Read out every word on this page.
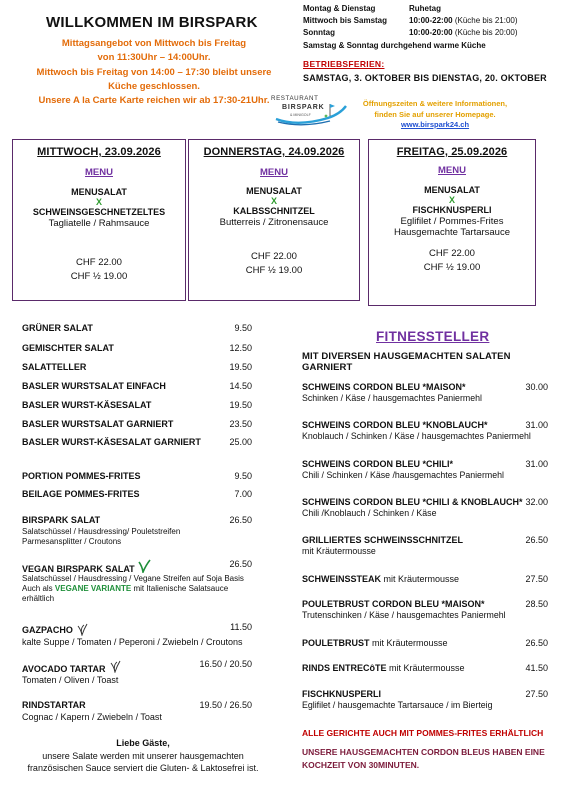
WILLKOMMEN IM BIRSPARK
Mittagsangebot von Mittwoch bis Freitag
von 11:30Uhr – 14:00Uhr.
Mittwoch bis Freitag von 14:00 – 17:30 bleibt unsere
Küche geschlossen.
Unsere A la Carte Karte reichen wir ab 17:30-21Uhr.
Montag & Dienstag	Ruhetag
Mittwoch bis Samstag	10:00-22:00 (Küche bis 21:00)
Sonntag	10:00-20:00 (Küche bis 20:00)
Samstag & Sonntag durchgehend warme Küche
BETRIEBSFERIEN:
SAMSTAG, 3. OKTOBER BIS DIENSTAG, 20. OKTOBER
RESTAURANT
BIRSPARK
& MINIGOLF
Öffnungszeiten & weitere Informationen,
finden Sie auf unserer Homepage.
www.birspark24.ch
MITTWOCH, 23.09.2026
MENU
MENUSALAT
X
SCHWEINSGESCHNETZELTES
Tagliatelle / Rahmsauce
CHF 22.00
CHF ½ 19.00
DONNERSTAG, 24.09.2026
MENU
MENUSALAT
X
KALBSSCHNITZEL
Butterreis / Zitronensauce
CHF 22.00
CHF ½ 19.00
FREITAG, 25.09.2026
MENU
MENUSALAT
X
FISCHKNUSPERLI
Eglifilet / Pommes-Frites
Hausgemachte Tartarsauce
CHF 22.00
CHF ½ 19.00
GRÜNER SALAT	9.50
GEMISCHTER SALAT	12.50
SALATTELLER	19.50
BASLER WURSTSALAT EINFACH	14.50
BASLER WURST-KÄSESALAT	19.50
BASLER WURSTSALAT GARNIERT	23.50
BASLER WURST-KÄSESALAT GARNIERT	25.00
PORTION POMMES-FRITES	9.50
BEILAGE POMMES-FRITES	7.00
BIRSPARK SALAT	26.50
Salatschüssel / Hausdressing/ Pouletstreifen
Parmesansplitter / Croutons
VEGAN BIRSPARK SALAT	26.50
Salatschüssel / Hausdressing / Vegane Streifen auf Soja Basis
Auch als VEGANE VARIANTE mit Italienische Salatsauce
erhältlich
GAZPACHO	11.50
kalte Suppe / Tomaten / Peperoni / Zwiebeln / Croutons
AVOCADO TARTAR	16.50 / 20.50
Tomaten / Oliven / Toast
RINDSTARTAR	19.50 / 26.50
Cognac / Kapern / Zwiebeln / Toast
Liebe Gäste,
unsere Salate werden mit unserer hausgemachten
französischen Sauce serviert die Gluten- & Laktosefrei ist.
FITNESSTELLER
MIT DIVERSEN HAUSGEMACHTEN SALATEN GARNIERT
SCHWEINS CORDON BLEU *MAISON*	30.00
Schinken / Käse / hausgemachtes Paniermehl
SCHWEINS CORDON BLEU *KNOBLAUCH*	31.00
Knoblauch / Schinken / Käse / hausgemachtes Paniermehl
SCHWEINS CORDON BLEU *CHILI*	31.00
Chili / Schinken / Käse /hausgemachtes Paniermehl
SCHWEINS CORDON BLEU *CHILI & KNOBLAUCH* 32.00
Chili /Knoblauch / Schinken / Käse
GRILLIERTES SCHWEINSSCHNITZEL	26.50
mit Kräutermousse
SCHWEINSSTEAK mit Kräutermousse	27.50
POULETBRUST CORDON BLEU *MAISON*	28.50
Trutenschinken / Käse / hausgemachtes Paniermehl
POULETBRUST mit Kräutermousse	26.50
RINDS ENTRECôTE mit Kräutermousse	41.50
FISCHKNUSPERLI	27.50
Eglifilet / hausgemachte Tartarsauce / im Bierteig
ALLE GERICHTE AUCH MIT POMMES-FRITES ERHÄLTLICH
UNSERE HAUSGEMACHTEN CORDON BLEUS HABEN EINE
KOCHZEIT VON 30MINUTEN.
